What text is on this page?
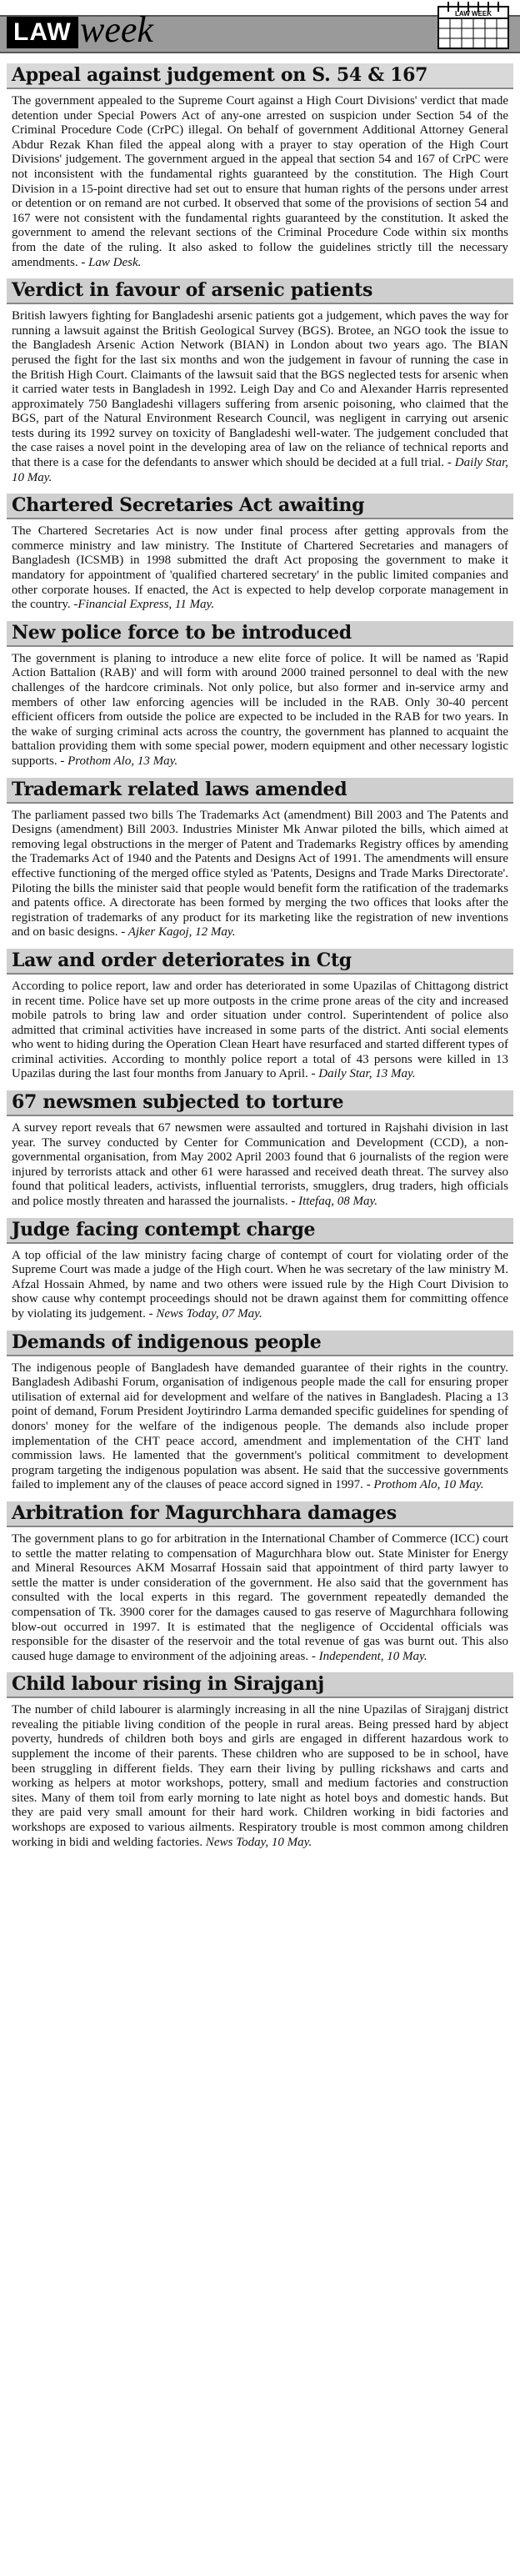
LAW week	LAW WEEK
Appeal against judgement on S. 54 & 167
The government appealed to the Supreme Court against a High Court Divisions' verdict that made detention under Special Powers Act of any-one arrested on suspicion under Section 54 of the Criminal Procedure Code (CrPC) illegal. On behalf of government Additional Attorney General Abdur Rezak Khan filed the appeal along with a prayer to stay operation of the High Court Divisions' judgement. The government argued in the appeal that section 54 and 167 of CrPC were not inconsistent with the fundamental rights guaranteed by the constitution. The High Court Division in a 15-point directive had set out to ensure that human rights of the persons under arrest or detention or on remand are not curbed. It observed that some of the provisions of section 54 and 167 were not consistent with the fundamental rights guaranteed by the constitution. It asked the government to amend the relevant sections of the Criminal Procedure Code within six months from the date of the ruling. It also asked to follow the guidelines strictly till the necessary amendments. - Law Desk.
Verdict in favour of arsenic patients
British lawyers fighting for Bangladeshi arsenic patients got a judgement, which paves the way for running a lawsuit against the British Geological Survey (BGS). Brotee, an NGO took the issue to the Bangladesh Arsenic Action Network (BIAN) in London about two years ago. The BIAN perused the fight for the last six months and won the judgement in favour of running the case in the British High Court. Claimants of the lawsuit said that the BGS neglected tests for arsenic when it carried water tests in Bangladesh in 1992. Leigh Day and Co and Alexander Harris represented approximately 750 Bangladeshi villagers suffering from arsenic poisoning, who claimed that the BGS, part of the Natural Environment Research Council, was negligent in carrying out arsenic tests during its 1992 survey on toxicity of Bangladeshi well-water. The judgement concluded that the case raises a novel point in the developing area of law on the reliance of technical reports and that there is a case for the defendants to answer which should be decided at a full trial. - Daily Star, 10 May.
Chartered Secretaries Act awaiting
The Chartered Secretaries Act is now under final process after getting approvals from the commerce ministry and law ministry. The Institute of Chartered Secretaries and managers of Bangladesh (ICSMB) in 1998 submitted the draft Act proposing the government to make it mandatory for appointment of 'qualified chartered secretary' in the public limited companies and other corporate houses. If enacted, the Act is expected to help develop corporate management in the country. -Financial Express, 11 May.
New police force to be introduced
The government is planing to introduce a new elite force of police. It will be named as 'Rapid Action Battalion (RAB)' and will form with around 2000 trained personnel to deal with the new challenges of the hardcore criminals. Not only police, but also former and in-service army and members of other law enforcing agencies will be included in the RAB. Only 30-40 percent efficient officers from outside the police are expected to be included in the RAB for two years. In the wake of surging criminal acts across the country, the government has planned to acquaint the battalion providing them with some special power, modern equipment and other necessary logistic supports. - Prothom Alo, 13 May.
Trademark related laws amended
The parliament passed two bills The Trademarks Act (amendment) Bill 2003 and The Patents and Designs (amendment) Bill 2003. Industries Minister Mk Anwar piloted the bills, which aimed at removing legal obstructions in the merger of Patent and Trademarks Registry offices by amending the Trademarks Act of 1940 and the Patents and Designs Act of 1991. The amendments will ensure effective functioning of the merged office styled as 'Patents, Designs and Trade Marks Directorate'. Piloting the bills the minister said that people would benefit form the ratification of the trademarks and patents office. A directorate has been formed by merging the two offices that looks after the registration of trademarks of any product for its marketing like the registration of new inventions and on basic designs. - Ajker Kagoj, 12 May.
Law and order deteriorates in Ctg
According to police report, law and order has deteriorated in some Upazilas of Chittagong district in recent time. Police have set up more outposts in the crime prone areas of the city and increased mobile patrols to bring law and order situation under control. Superintendent of police also admitted that criminal activities have increased in some parts of the district. Anti social elements who went to hiding during the Operation Clean Heart have resurfaced and started different types of criminal activities. According to monthly police report a total of 43 persons were killed in 13 Upazilas during the last four months from January to April. - Daily Star, 13 May.
67 newsmen subjected to torture
A survey report reveals that 67 newsmen were assaulted and tortured in Rajshahi division in last year. The survey conducted by Center for Communication and Development (CCD), a non-governmental organisation, from May 2002 April 2003 found that 6 journalists of the region were injured by terrorists attack and other 61 were harassed and received death threat. The survey also found that political leaders, activists, influential terrorists, smugglers, drug traders, high officials and police mostly threaten and harassed the journalists. - Ittefaq, 08 May.
Judge facing contempt charge
A top official of the law ministry facing charge of contempt of court for violating order of the Supreme Court was made a judge of the High court. When he was secretary of the law ministry M. Afzal Hossain Ahmed, by name and two others were issued rule by the High Court Division to show cause why contempt proceedings should not be drawn against them for committing offence by violating its judgement. - News Today, 07 May.
Demands of indigenous people
The indigenous people of Bangladesh have demanded guarantee of their rights in the country. Bangladesh Adibashi Forum, organisation of indigenous people made the call for ensuring proper utilisation of external aid for development and welfare of the natives in Bangladesh. Placing a 13 point of demand, Forum President Joytirindro Larma demanded specific guidelines for spending of donors' money for the welfare of the indigenous people. The demands also include proper implementation of the CHT peace accord, amendment and implementation of the CHT land commission laws. He lamented that the government's political commitment to development program targeting the indigenous population was absent. He said that the successive governments failed to implement any of the clauses of peace accord signed in 1997. - Prothom Alo, 10 May.
Arbitration for Magurchhara damages
The government plans to go for arbitration in the International Chamber of Commerce (ICC) court to settle the matter relating to compensation of Magurchhara blow out. State Minister for Energy and Mineral Resources AKM Mosarraf Hossain said that appointment of third party lawyer to settle the matter is under consideration of the government. He also said that the government has consulted with the local experts in this regard. The government repeatedly demanded the compensation of Tk. 3900 corer for the damages caused to gas reserve of Magurchhara following blow-out occurred in 1997. It is estimated that the negligence of Occidental officials was responsible for the disaster of the reservoir and the total revenue of gas was burnt out. This also caused huge damage to environment of the adjoining areas. - Independent, 10 May.
Child labour rising in Sirajganj
The number of child labourer is alarmingly increasing in all the nine Upazilas of Sirajganj district revealing the pitiable living condition of the people in rural areas. Being pressed hard by abject poverty, hundreds of children both boys and girls are engaged in different hazardous work to supplement the income of their parents. These children who are supposed to be in school, have been struggling in different fields. They earn their living by pulling rickshaws and carts and working as helpers at motor workshops, pottery, small and medium factories and construction sites. Many of them toil from early morning to late night as hotel boys and domestic hands. But they are paid very small amount for their hard work. Children working in bidi factories and workshops are exposed to various ailments. Respiratory trouble is most common among children working in bidi and welding factories. News Today, 10 May.
